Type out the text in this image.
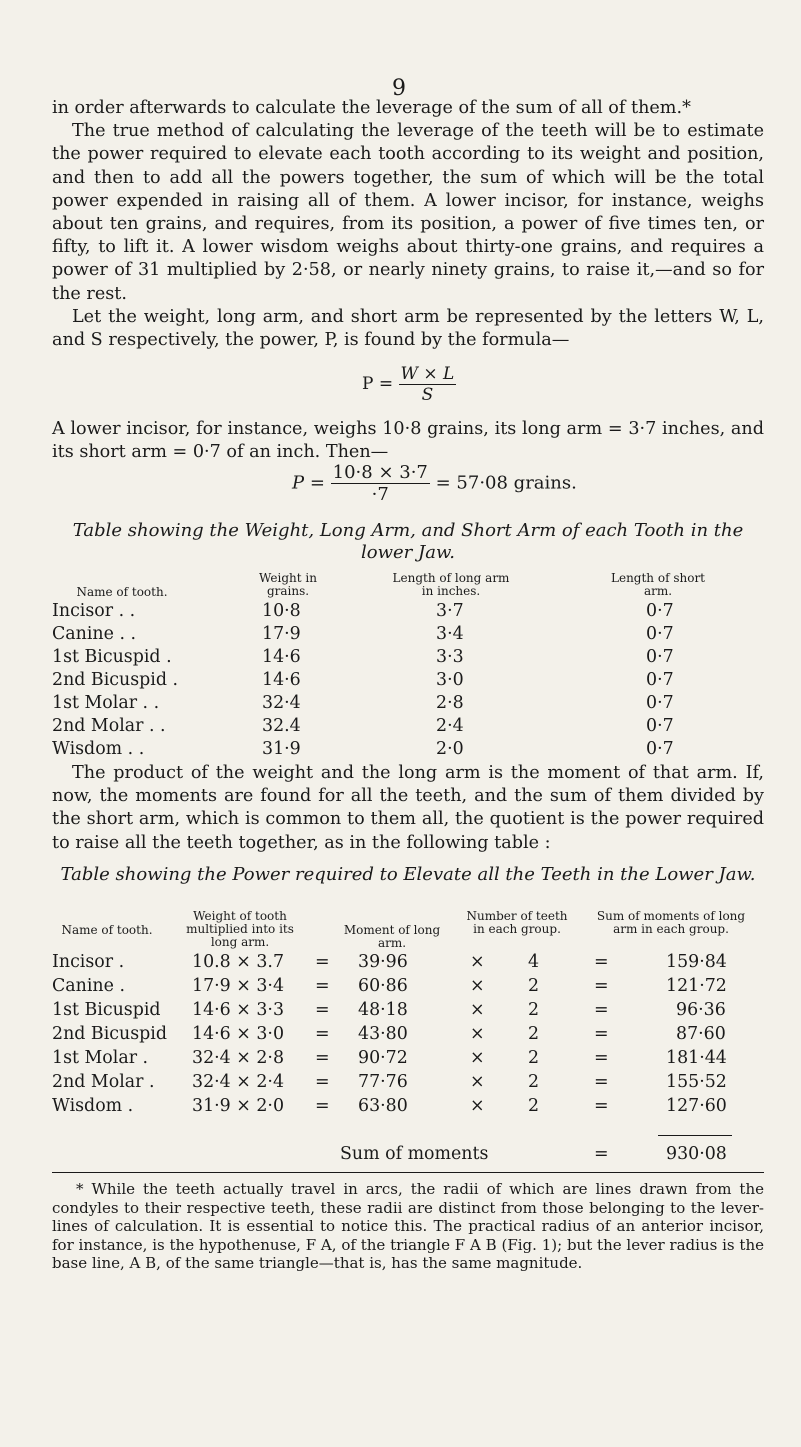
9

in order afterwards to calculate the leverage of the sum of all of them.*

The true method of calculating the leverage of the teeth will be to estimate the power required to elevate each tooth according to its weight and position, and then to add all the powers together, the sum of which will be the total power expended in raising all of them. A lower incisor, for instance, weighs about ten grains, and requires, from its position, a power of five times ten, or fifty, to lift it. A lower wisdom weighs about thirty-one grains, and requires a power of 31 multiplied by 2·58, or nearly ninety grains, to raise it,—and so for the rest.

Let the weight, long arm, and short arm be represented by the letters W, L, and S respectively, the power, P, is found by the formula—

$P = \frac{W \times L}{S}$

A lower incisor, for instance, weighs 10·8 grains, its long arm = 3·7 inches, and its short arm = 0·7 of an inch. Then—

$P = \frac{10\cdot 8 \times 3\cdot 7}{\cdot 7} = 57\cdot 08$ grains.
Table showing the Weight, Long Arm, and Short Arm of each Tooth in the lower Jaw.
Name of tooth.
Weight in grains.
Length of long arm in inches.
Length of short arm.
Incisor . .	10·8	3·7	0·7
Canine . .	17·9	3·4	0·7
1st Bicuspid .	14·6	3·3	0·7
2nd Bicuspid .	14·6	3·0	0·7
1st Molar . .	32·4	2·8	0·7
2nd Molar . .	32.4	2·4	0·7
Wisdom . .	31·9	2·0	0·7

The product of the weight and the long arm is the moment of that arm. If, now, the moments are found for all the teeth, and the sum of them divided by the short arm, which is common to them all, the quotient is the power required to raise all the teeth together, as in the following table :

Table showing the Power required to Elevate all the Teeth in the Lower Jaw.
Name of tooth.
Weight of tooth multiplied into its long arm.
Moment of long arm.
Number of teeth in each group.
Sum of moments of long arm in each group.
Incisor .	10.8 × 3.7 = 39·96	× 4	=	159·84
Canine .	17·9 × 3·4 = 60·86	× 2	=	121·72
1st Bicuspid 14·6 × 3·3 = 48·18	× 2	=	96·36
2nd Bicuspid 14·6 × 3·0 = 43·80	× 2	=	87·60
1st Molar .	32·4 × 2·8 = 90·72	× 2	=	181·44
2nd Molar . 32·4 × 2·4 = 77·76	× 2	=	155·52
Wisdom .	31·9 × 2·0 = 63·80	× 2	=	127·60
Sum of moments	=	930·08

* While the teeth actually travel in arcs, the radii of which are lines drawn from the condyles to their respective teeth, these radii are distinct from those belonging to the lever-lines of calculation. It is essential to notice this. The practical radius of an anterior incisor, for instance, is the hypothenuse, F A, of the triangle F A B (Fig. 1); but the lever radius is the base line, A B, of the same triangle—that is, has the same magnitude.
